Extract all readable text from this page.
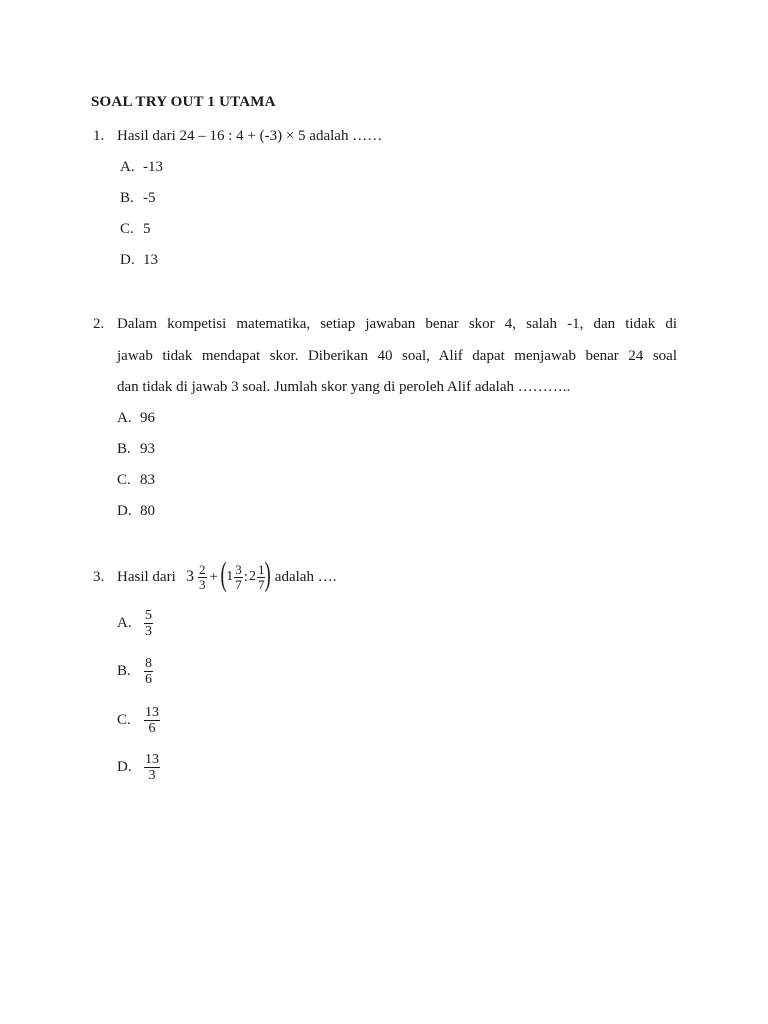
SOAL TRY OUT 1 UTAMA
1. Hasil dari 24 – 16 : 4 + (-3) × 5 adalah ……
A. -13
B. -5
C. 5
D. 13
2. Dalam kompetisi matematika, setiap jawaban benar skor 4, salah -1, dan tidak di
jawab tidak mendapat skor. Diberikan 40 soal, Alif dapat menjawab benar 24 soal
dan tidak di jawab 3 soal. Jumlah skor yang di peroleh Alif adalah ………..
A. 96
B. 93
C. 83
D. 80
3. Hasil dari $3 \frac{2}{3}$ + ( $1 \frac{3}{7}$ : $2 \frac{1}{7}$ ) adalah ….
A. $\frac{5}{3}$
B. $\frac{8}{6}$
C. $\frac{13}{6}$
D. $\frac{13}{3}$
